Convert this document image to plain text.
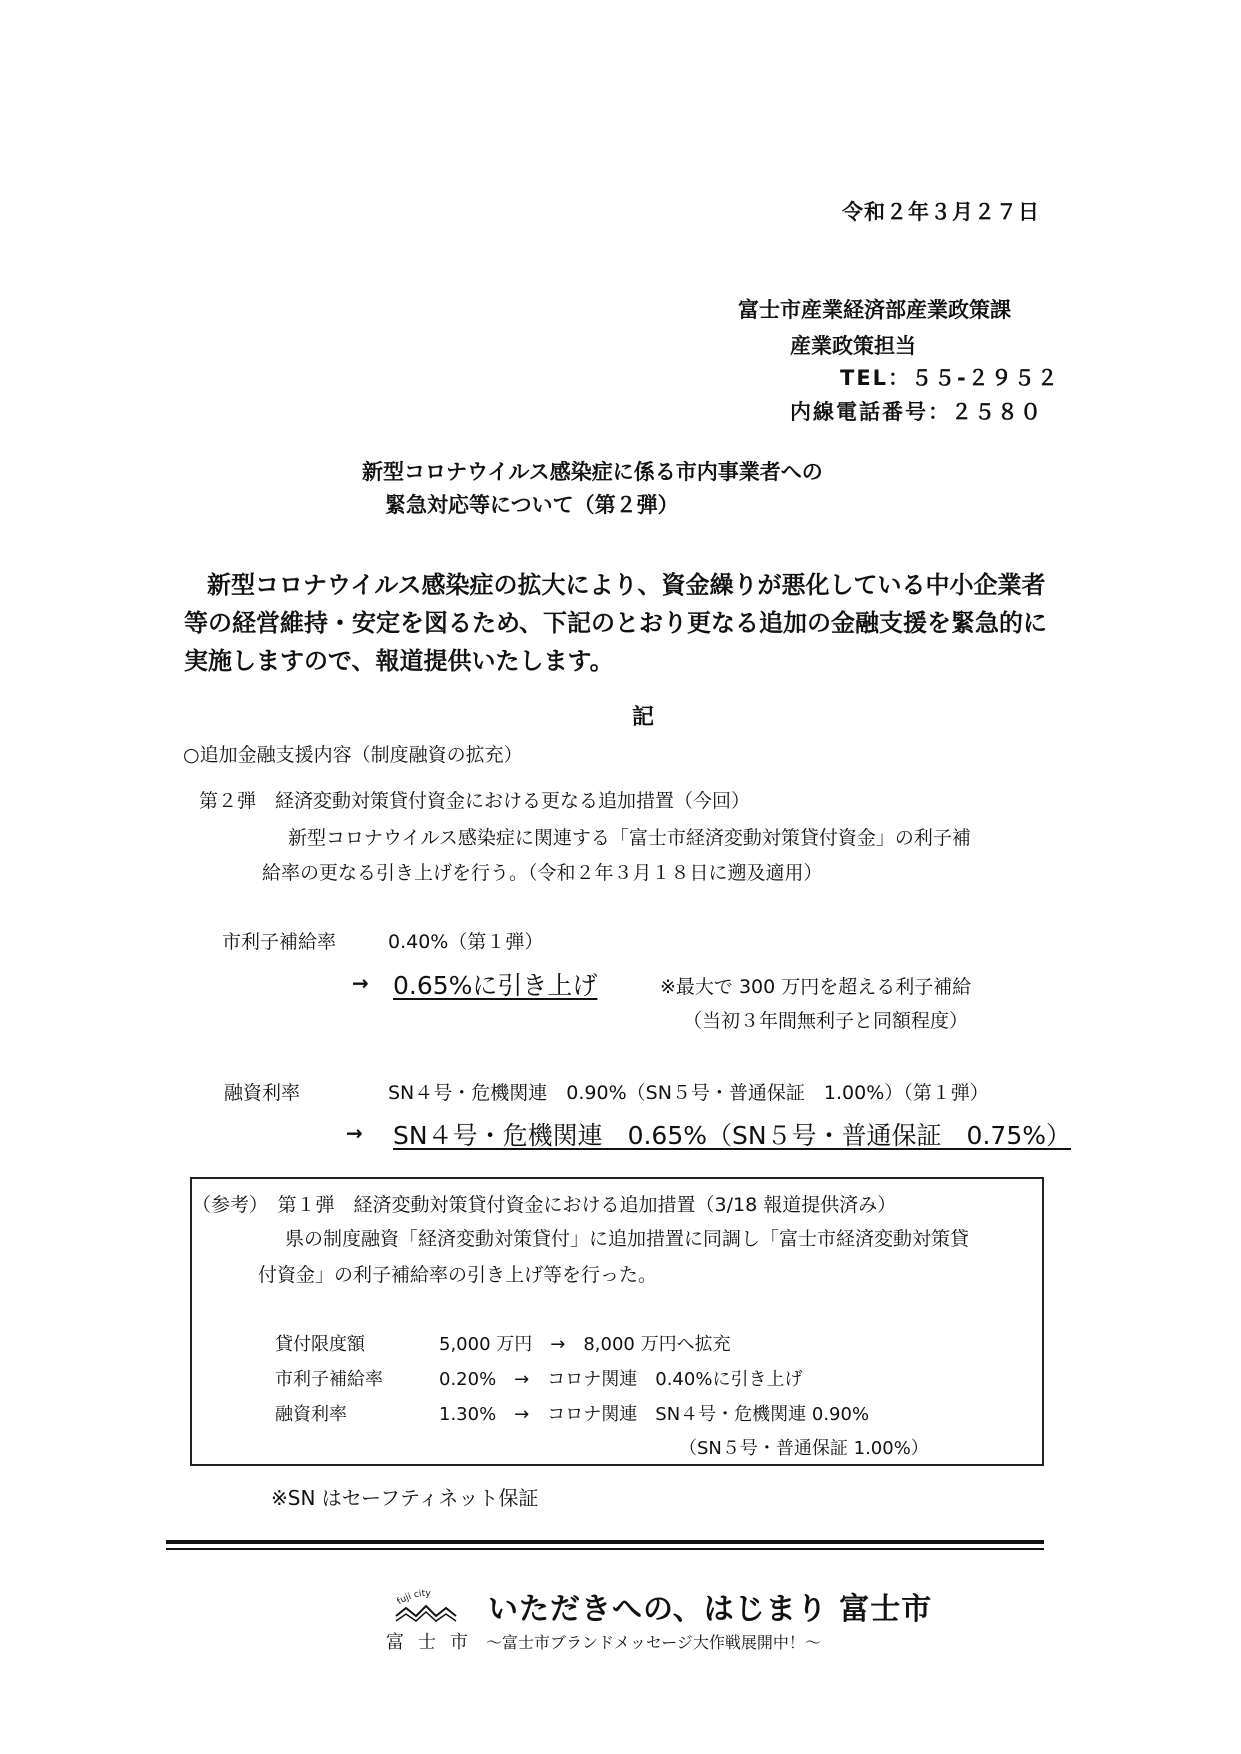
令和２年３月２７日
富士市産業経済部産業政策課
産業政策担当
TEL：５５-２９５２
内線電話番号：２５８０
新型コロナウイルス感染症に係る市内事業者への
緊急対応等について（第２弾）
新型コロナウイルス感染症の拡大により、資金繰りが悪化している中小企業者等の経営維持・安定を図るため、下記のとおり更なる追加の金融支援を緊急的に実施しますので、報道提供いたします。
記
○追加金融支援内容（制度融資の拡充）
第２弾　経済変動対策貸付資金における更なる追加措置（今回）
新型コロナウイルス感染症に関連する「富士市経済変動対策貸付資金」の利子補
給率の更なる引き上げを行う。（令和２年３月１８日に遡及適用）
市利子補給率	0.40%（第１弾）
→ 0.65%に引き上げ	※最大で 300 万円を超える利子補給
（当初３年間無利子と同額程度）
融資利率	SN４号・危機関連　0.90%（SN５号・普通保証　1.00%）（第１弾）
→ SN４号・危機関連　0.65%（SN５号・普通保証　0.75%）
（参考）　第１弾　経済変動対策貸付資金における追加措置（3/18 報道提供済み）
県の制度融資「経済変動対策貸付」に追加措置に同調し「富士市経済変動対策貸
付資金」の利子補給率の引き上げ等を行った。
貸付限度額	5,000 万円　→　8,000 万円へ拡充
市利子補給率	0.20%　→　コロナ関連　0.40%に引き上げ
融資利率	1.30%　→　コロナ関連　SN４号・危機関連 0.90%
（SN５号・普通保証 1.00%）
※SN はセーフティネット保証
fuji city いただきへの、はじまり 富士市
富士市 ～富士市ブランドメッセージ大作戦展開中！～
